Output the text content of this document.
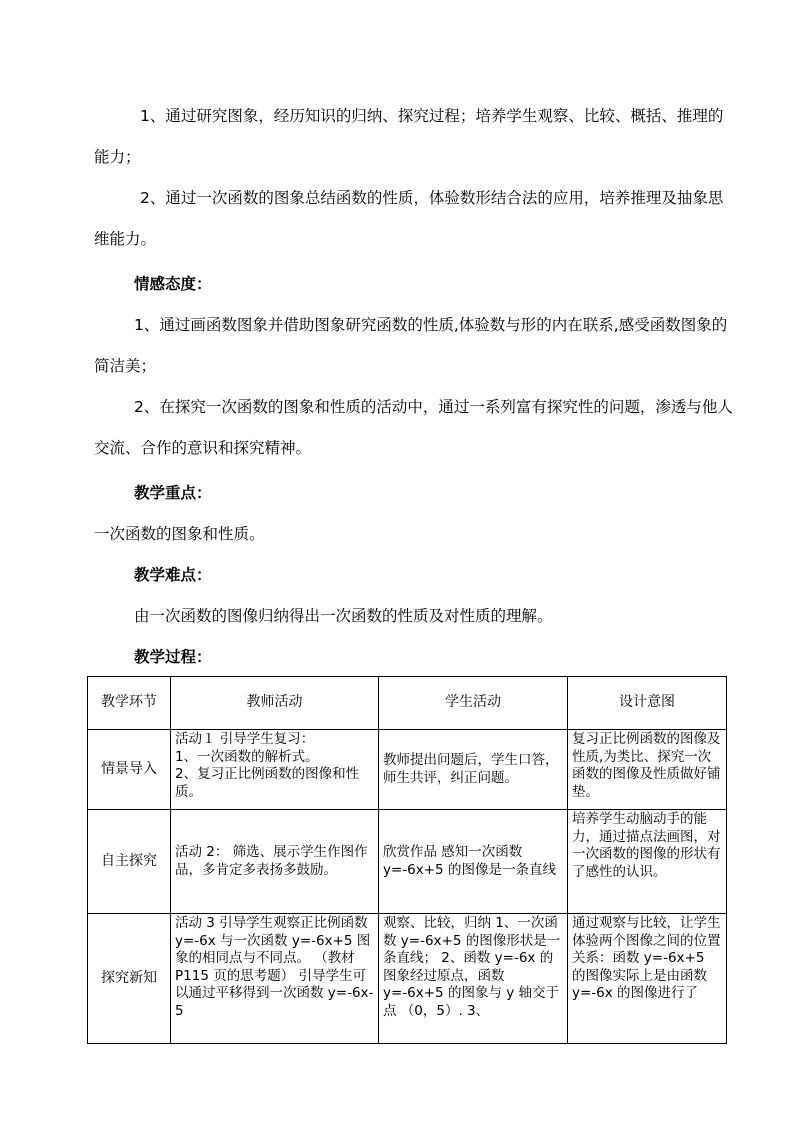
1、通过研究图象，经历知识的归纳、探究过程；培养学生观察、比较、概括、推理的能力；

2、通过一次函数的图象总结函数的性质，体验数形结合法的应用，培养推理及抽象思维能力。

情感态度：

1、通过画函数图象并借助图象研究函数的性质,体验数与形的内在联系,感受函数图象的简洁美；

2、在探究一次函数的图象和性质的活动中，通过一系列富有探究性的问题，渗透与他人交流、合作的意识和探究精神。

教学重点：

一次函数的图象和性质。

教学难点：

由一次函数的图像归纳得出一次函数的性质及对性质的理解。

教学过程：

教学环节	教师活动	学生活动	设计意图
情景导入	活动１ 引导学生复习：
1、一次函数的解析式。
2、复习正比例函数的图像和性质。	教师提出问题后，学生口答，师生共评，纠正问题。	复习正比例函数的图像及性质,为类比、探究一次函数的图像及性质做好铺垫。
自主探究	活动 2： 筛选、展示学生作图作品，多肯定多表扬多鼓励。	欣赏作品 感知一次函数y=-6x+5 的图像是一条直线	培养学生动脑动手的能力，通过描点法画图，对一次函数的图像的形状有了感性的认识。
探究新知	活动 3 引导学生观察正比例函数 y=-6x 与一次函数 y=-6x+5 图象的相同点与不同点。 （教材 P115 页的思考题） 引导学生可以通过平移得到一次函数 y=-6x-5	观察、比较，归纳 1、一次函数 y=-6x+5 的图像形状是一条直线； 2、函数 y=-6x 的图象经过原点，函数 y=-6x+5 的图象与 y 轴交于点 （0，5）. 3、	通过观察与比较，让学生体验两个图像之间的位置关系：函数 y=-6x+5 的图像实际上是由函数 y=-6x 的图像进行了
